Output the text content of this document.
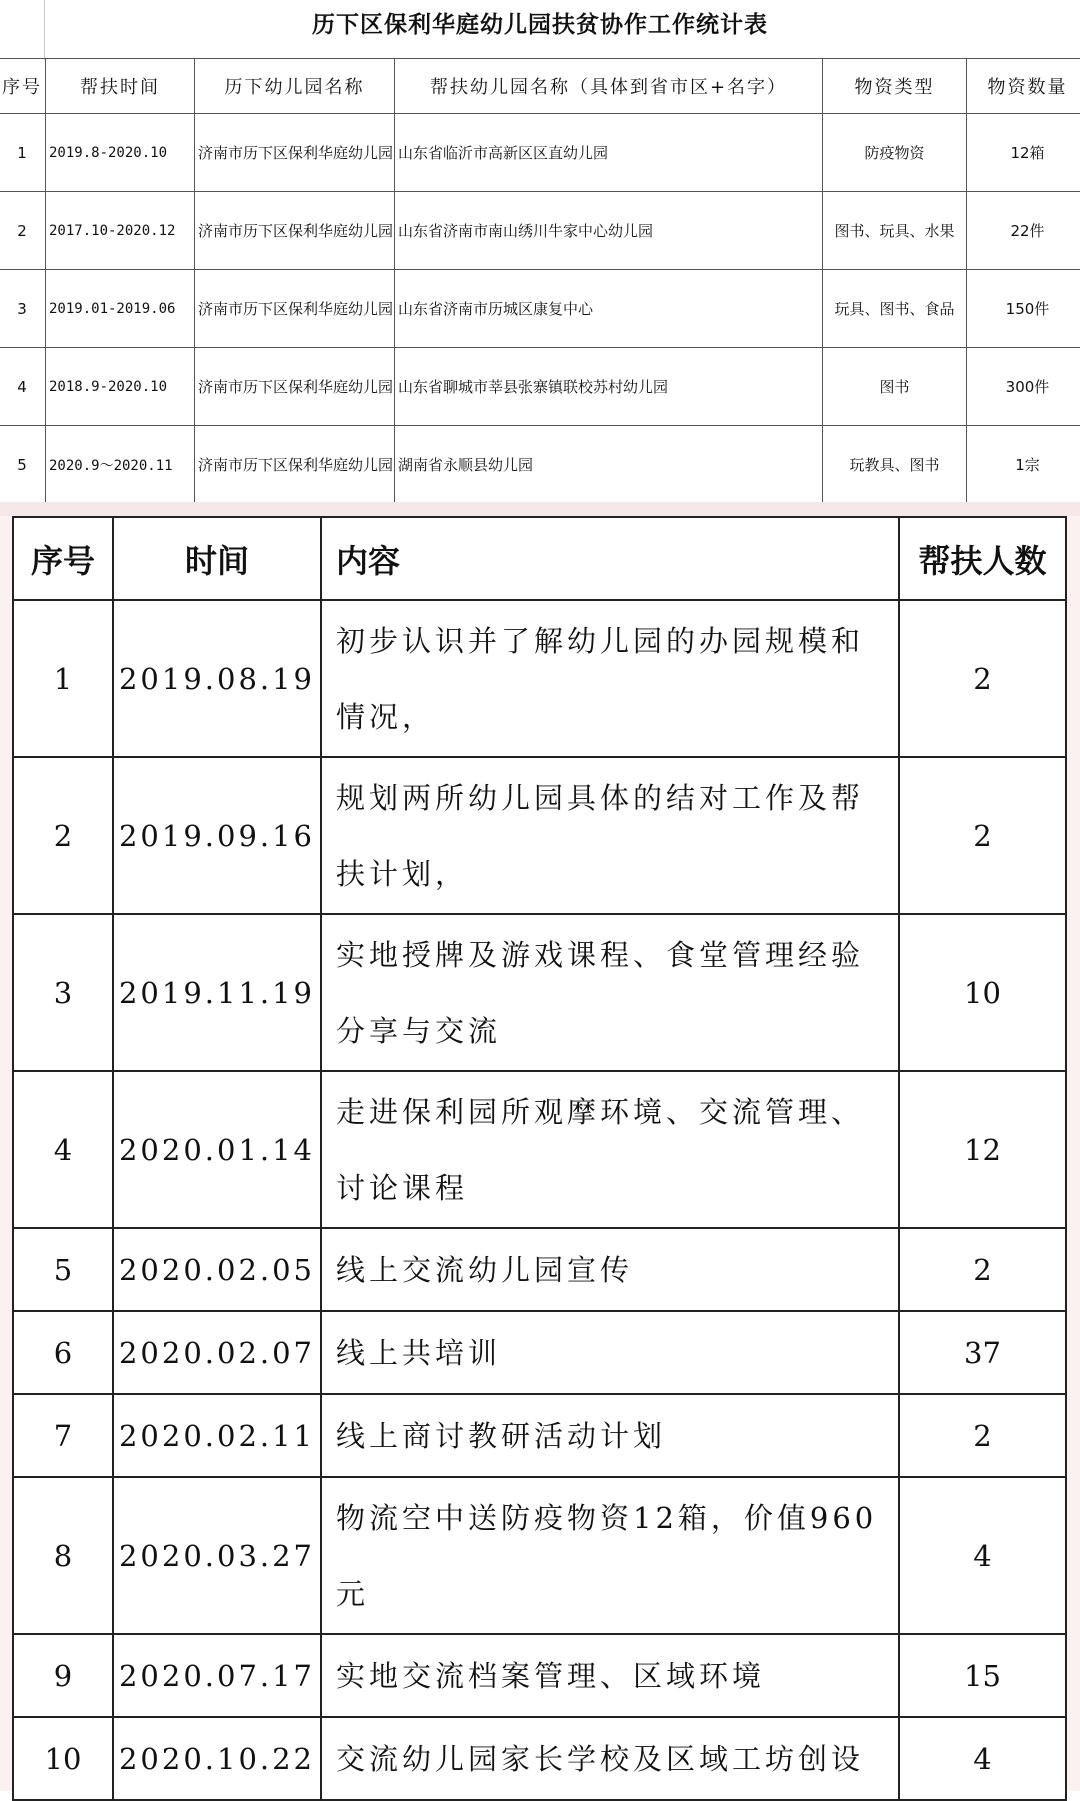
历下区保利华庭幼儿园扶贫协作工作统计表
序号	帮扶时间	历下幼儿园名称	帮扶幼儿园名称（具体到省市区+名字）	物资类型	物资数量
1	2019.8-2020.10	济南市历下区保利华庭幼儿园	山东省临沂市高新区区直幼儿园	防疫物资	12箱
2	2017.10-2020.12	济南市历下区保利华庭幼儿园	山东省济南市南山绣川牛家中心幼儿园	图书、玩具、水果	22件
3	2019.01-2019.06	济南市历下区保利华庭幼儿园	山东省济南市历城区康复中心	玩具、图书、食品	150件
4	2018.9-2020.10	济南市历下区保利华庭幼儿园	山东省聊城市莘县张寨镇联校苏村幼儿园	图书	300件
5	2020.9～2020.11	济南市历下区保利华庭幼儿园	湖南省永顺县幼儿园	玩教具、图书	1宗
序号	时间	内容	帮扶人数
1	2019.08.19	初步认识并了解幼儿园的办园规模和情况，	2
2	2019.09.16	规划两所幼儿园具体的结对工作及帮扶计划，	2
3	2019.11.19	实地授牌及游戏课程、食堂管理经验分享与交流	10
4	2020.01.14	走进保利园所观摩环境、交流管理、讨论课程	12
5	2020.02.05	线上交流幼儿园宣传	2
6	2020.02.07	线上共培训	37
7	2020.02.11	线上商讨教研活动计划	2
8	2020.03.27	物流空中送防疫物资12箱，价值960元	4
9	2020.07.17	实地交流档案管理、区域环境	15
10	2020.10.22	交流幼儿园家长学校及区域工坊创设	4
